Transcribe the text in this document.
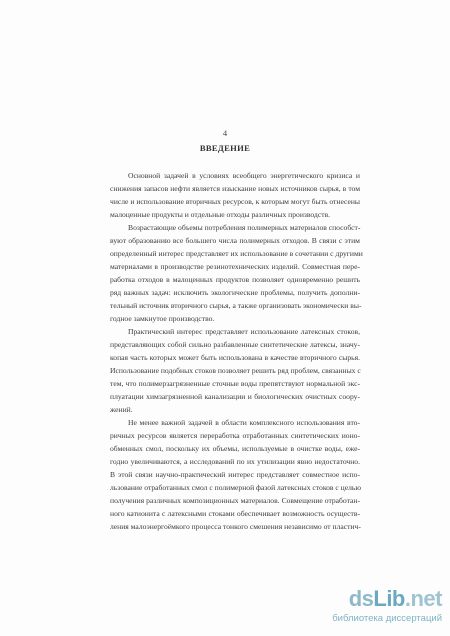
4
ВВЕДЕНИЕ
Основной задачей в условиях всеобщего энергетического кризиса и
снижения запасов нефти является изыскание новых источников сырья, в том
числе и использование вторичных ресурсов, к которым могут быть отнесены
малоценные продукты и отдельные отходы различных производств.
Возрастающие объемы потребления полимерных материалов способст-
вуют образованию все большего числа полимерных отходов. В связи с этим
определенный интерес представляет их использование в сочетании с другими
материалами в производстве резинотехнических изделий. Совместная пере-
работка отходов в малоценных продуктов позволяет одновременно решить
ряд важных задач: исключить экологические проблемы, получить дополни-
тельный источник вторичного сырья, а также организовать экономически вы-
годное замкнутое производство.
Практический интерес представляет использование латексных стоков,
представляющих собой сильно разбавленные синтетические латексы, значу-
копая часть которых может быть использована в качестве вторичного сырья.
Использование подобных стоков позволяет решить ряд проблем, связанных с
тем, что полимерзагрязненные сточные воды препятствуют нормальной экс-
плуатации химзагрязненной канализации и биологических очистных соору-
жений.
Не менее важной задачей в области комплексного использования вто-
ричных ресурсов является переработка отработанных синтетических ионо-
обменных смол, поскольку их объемы, используемые в очистке воды, еже-
годно увеличиваются, а исследований по их утилизации явно недостаточно.
В этой связи научно-практический интерес представляет совместное испо-
льзование отработанных смол с полимерной фазой латексных стоков с целью
получения различных композиционных материалов. Совмещение отработан-
ного катионита с латексными стоками обеспечивает возможность осуществ-
ления малоэнергоёмкого процесса тонкого смешения независимо от пластич-
dsLib.net
библиотека диссертаций
